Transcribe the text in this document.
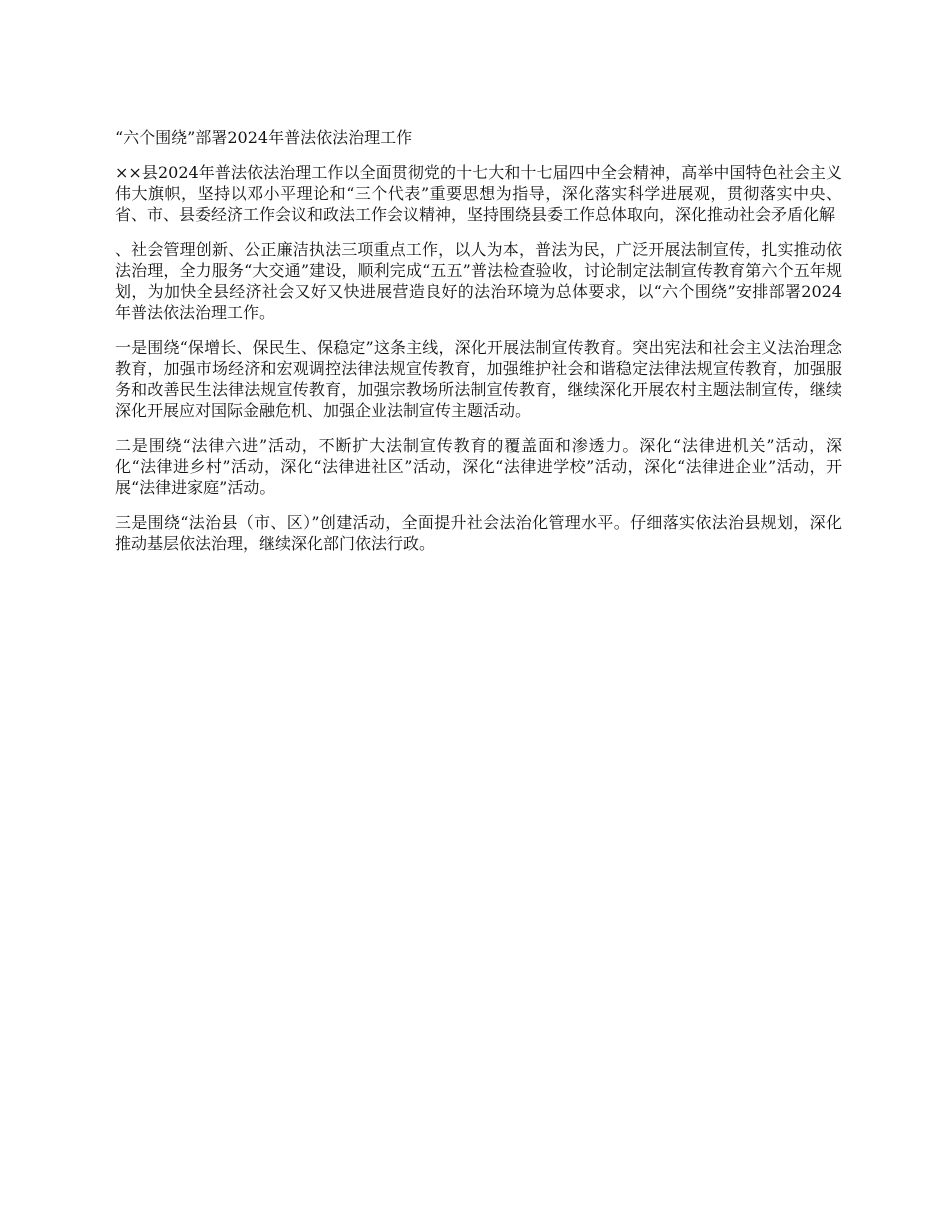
“六个围绕”部署2024年普法依法治理工作

××县2024年普法依法治理工作以全面贯彻党的十七大和十七届四中全会精神，高举中国特色社会主义伟大旗帜，坚持以邓小平理论和“三个代表”重要思想为指导，深化落实科学进展观，贯彻落实中央、省、市、县委经济工作会议和政法工作会议精神，坚持围绕县委工作总体取向，深化推动社会矛盾化解

、社会管理创新、公正廉洁执法三项重点工作，以人为本，普法为民，广泛开展法制宣传，扎实推动依法治理，全力服务“大交通”建设，顺利完成“五五”普法检查验收，讨论制定法制宣传教育第六个五年规划，为加快全县经济社会又好又快进展营造良好的法治环境为总体要求，以“六个围绕”安排部署2024年普法依法治理工作。

一是围绕“保增长、保民生、保稳定”这条主线，深化开展法制宣传教育。突出宪法和社会主义法治理念教育，加强市场经济和宏观调控法律法规宣传教育，加强维护社会和谐稳定法律法规宣传教育，加强服务和改善民生法律法规宣传教育，加强宗教场所法制宣传教育，继续深化开展农村主题法制宣传，继续深化开展应对国际金融危机、加强企业法制宣传主题活动。

二是围绕“法律六进”活动，不断扩大法制宣传教育的覆盖面和渗透力。深化“法律进机关”活动，深化“法律进乡村”活动，深化“法律进社区”活动，深化“法律进学校”活动，深化“法律进企业”活动，开展“法律进家庭”活动。

三是围绕“法治县（市、区）”创建活动，全面提升社会法治化管理水平。仔细落实依法治县规划，深化推动基层依法治理，继续深化部门依法行政。
